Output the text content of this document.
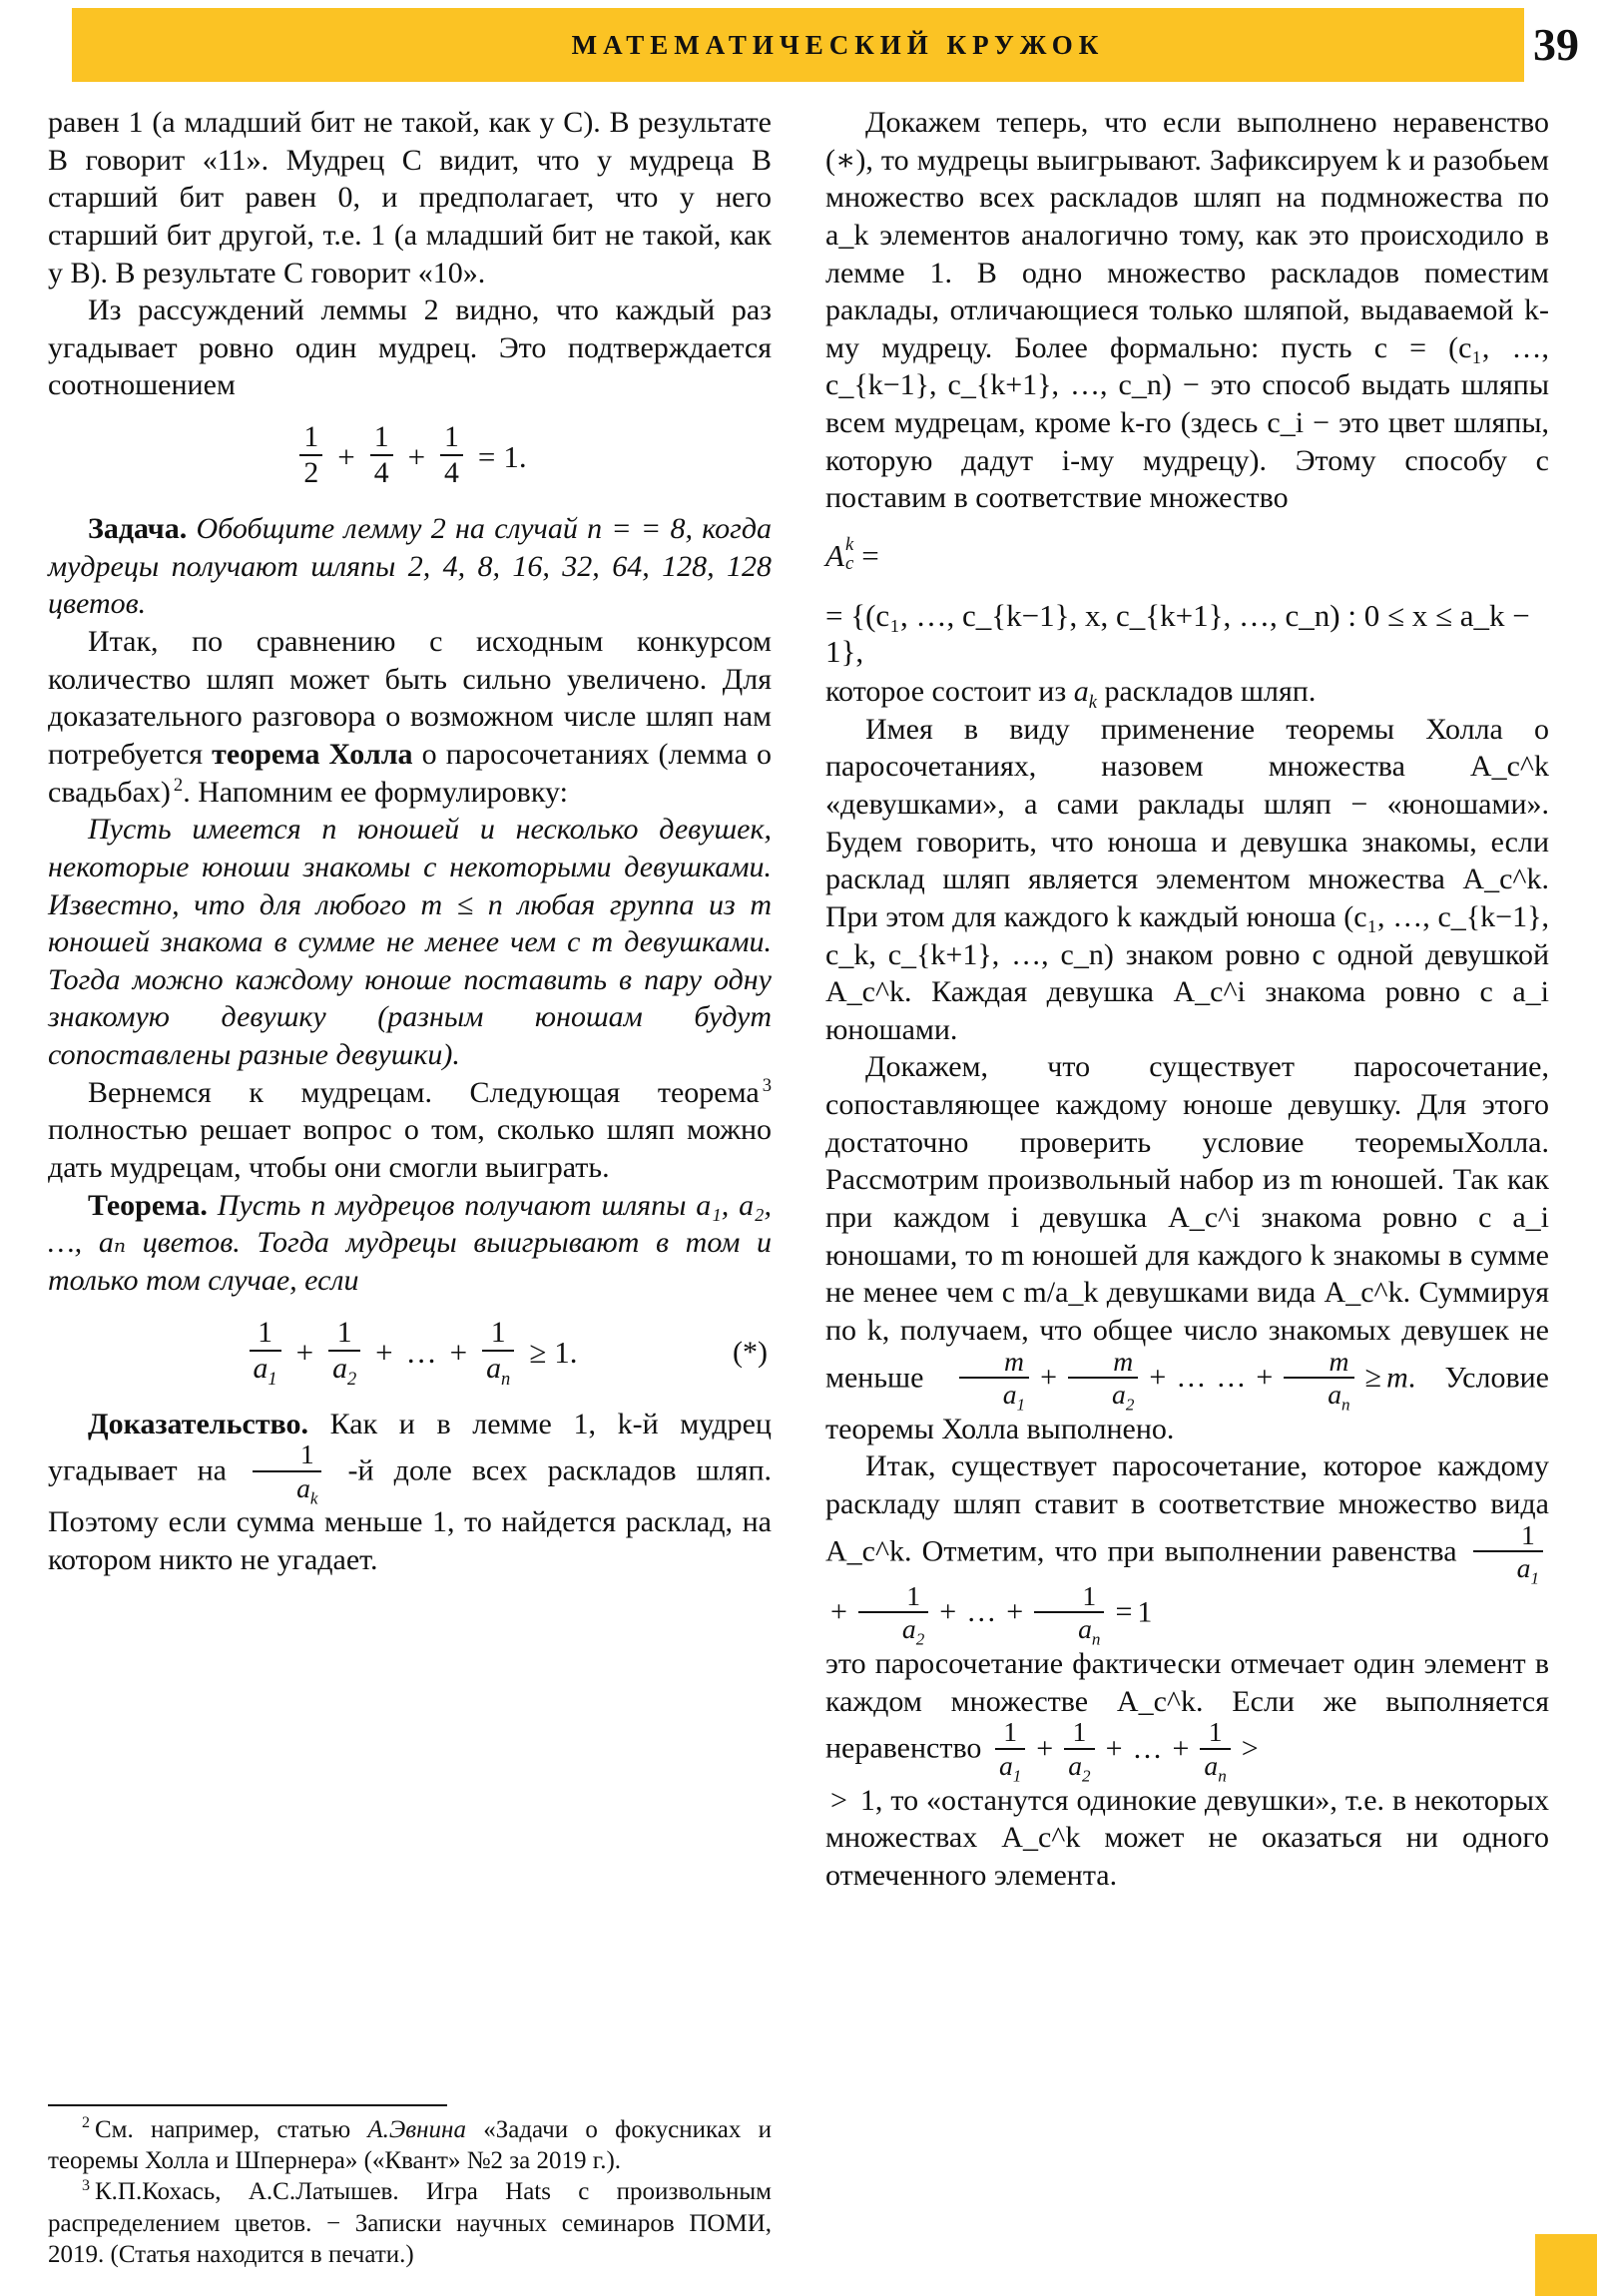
МАТЕМАТИЧЕСКИЙ КРУЖОК	39

равен 1 (а младший бит не такой, как у C). В результате B говорит «11». Мудрец C видит, что у мудреца B старший бит равен 0, и предполагает, что у него старший бит другой, т.е. 1 (а младший бит не такой, как у B). В результате C говорит «10».

Из рассуждений леммы 2 видно, что каждый раз угадывает ровно один мудрец. Это подтверждается соотношением

$\frac{1}{2} + \frac{1}{4} + \frac{1}{4} = 1$ .

Задача. Обобщите лемму 2 на случай n = = 8, когда мудрецы получают шляпы 2, 4, 8, 16, 32, 64, 128, 128 цветов.

Итак, по сравнению с исходным конкурсом количество шляп может быть сильно увеличено. Для доказательного разговора о возможном числе шляп нам потребуется теорема Холла о паросочетаниях (лемма о свадьбах) $^2$. Напомним ее формулировку:

Пусть имеется n юношей и несколько девушек, некоторые юноши знакомы с некоторыми девушками. Известно, что для любого m ≤ n любая группа из m юношей знакома в сумме не менее чем с m девушками. Тогда можно каждому юноше поставить в пару одну знакомую девушку (разным юношам будут сопоставлены разные девушки).

Вернемся к мудрецам. Следующая теорема $^3$ полностью решает вопрос о том, сколько шляп можно дать мудрецам, чтобы они смогли выиграть.

Теорема. Пусть n мудрецов получают шляпы a₁, a₂, …, aₙ цветов. Тогда мудрецы выигрывают в том и только том случае, если

$\frac{1}{a_1} + \frac{1}{a_2}$ + … + $\frac{1}{a_n} \ge 1$ .	(*)

Доказательство. Как и в лемме 1, k-й мудрец угадывает на $\frac{1}{a_k} -й$ доле всех раскладов шляп. Поэтому если сумма меньше 1, то найдется расклад, на котором никто не угадает.

$^2$ См. например, статью А.Эвнина «Задачи о фокусниках и теоремы Холла и Шпернера» («Квант» №2 за 2019 г.).

$^3$ К.П.Кохась, А.С.Латышев. Игра Hats с произвольным распределением цветов. − Записки научных семинаров ПОМИ, 2019. (Статья находится в печати.)

Докажем теперь, что если выполнено неравенство (∗), то мудрецы выигрывают. Зафиксируем k и разобьем множество всех раскладов шляп на подмножества по a_k элементов аналогично тому, как это происходило в лемме 1. В одно множество раскладов поместим раклады, отличающиеся только шляпой, выдаваемой k-му мудрецу. Более формально: пусть c = (c₁, …, c_{k−1}, c_{k+1}, …, c_n) − это способ выдать шляпы всем мудрецам, кроме k-го (здесь c_i − это цвет шляпы, которую дадут i-му мудрецу). Этому способу c поставим в соответствие множество

A k
c =
= {(c₁, …, c_{k−1}, x, c_{k+1}, …, c_n) : 0 ≤ x ≤ a_k − 1},

которое состоит из $a_k$ раскладов шляп.

Имея в виду применение теоремы Холла о паросочетаниях, назовем множества A_c^k «девушками», а сами раклады шляп − «юношами». Будем говорить, что юноша и девушка знакомы, если расклад шляп является элементом множества A_c^k. При этом для каждого k каждый юноша (c₁, …, c_{k−1}, c_k, c_{k+1}, …, c_n) знаком ровно с одной девушкой A_c^k. Каждая девушка A_c^i знакома ровно с a_i юношами.

Докажем, что существует паросочетание, сопоставляющее каждому юноше девушку. Для этого достаточно проверить условие теоремыХолла. Рассмотрим произвольный набор из m юношей. Так как при каждом i девушка A_c^i знакома ровно с a_i юношами, то m юношей для каждого k знакомы в сумме не менее чем с m/a_k девушками вида A_c^k. Суммируя по k, получаем, что общее число знакомых девушек не меньше $\frac{m}{a_1} + \frac{m}{a_2}$ + … … + $\frac{m}{a_n} \ge m$. Условие теоремы Холла выполнено.

Итак, существует паросочетание, которое каждому раскладу шляп ставит в соответствие множество вида A_c^k. Отметим, что при выполнении равенства $\frac{1}{a_1}$
+ $\frac{1}{a_2}$ + … + $\frac{1}{a_n} = 1$

это паросочетание фактически отмечает один элемент в каждом множестве A_c^k. Если же выполняется неравенство $\frac{1}{a_1} + \frac{1}{a_2}$ + … + $\frac{1}{a_n}$ >

> 1, то «останутся одинокие девушки», т.е. в некоторых множествах A_c^k может не оказаться ни одного отмеченного элемента.
